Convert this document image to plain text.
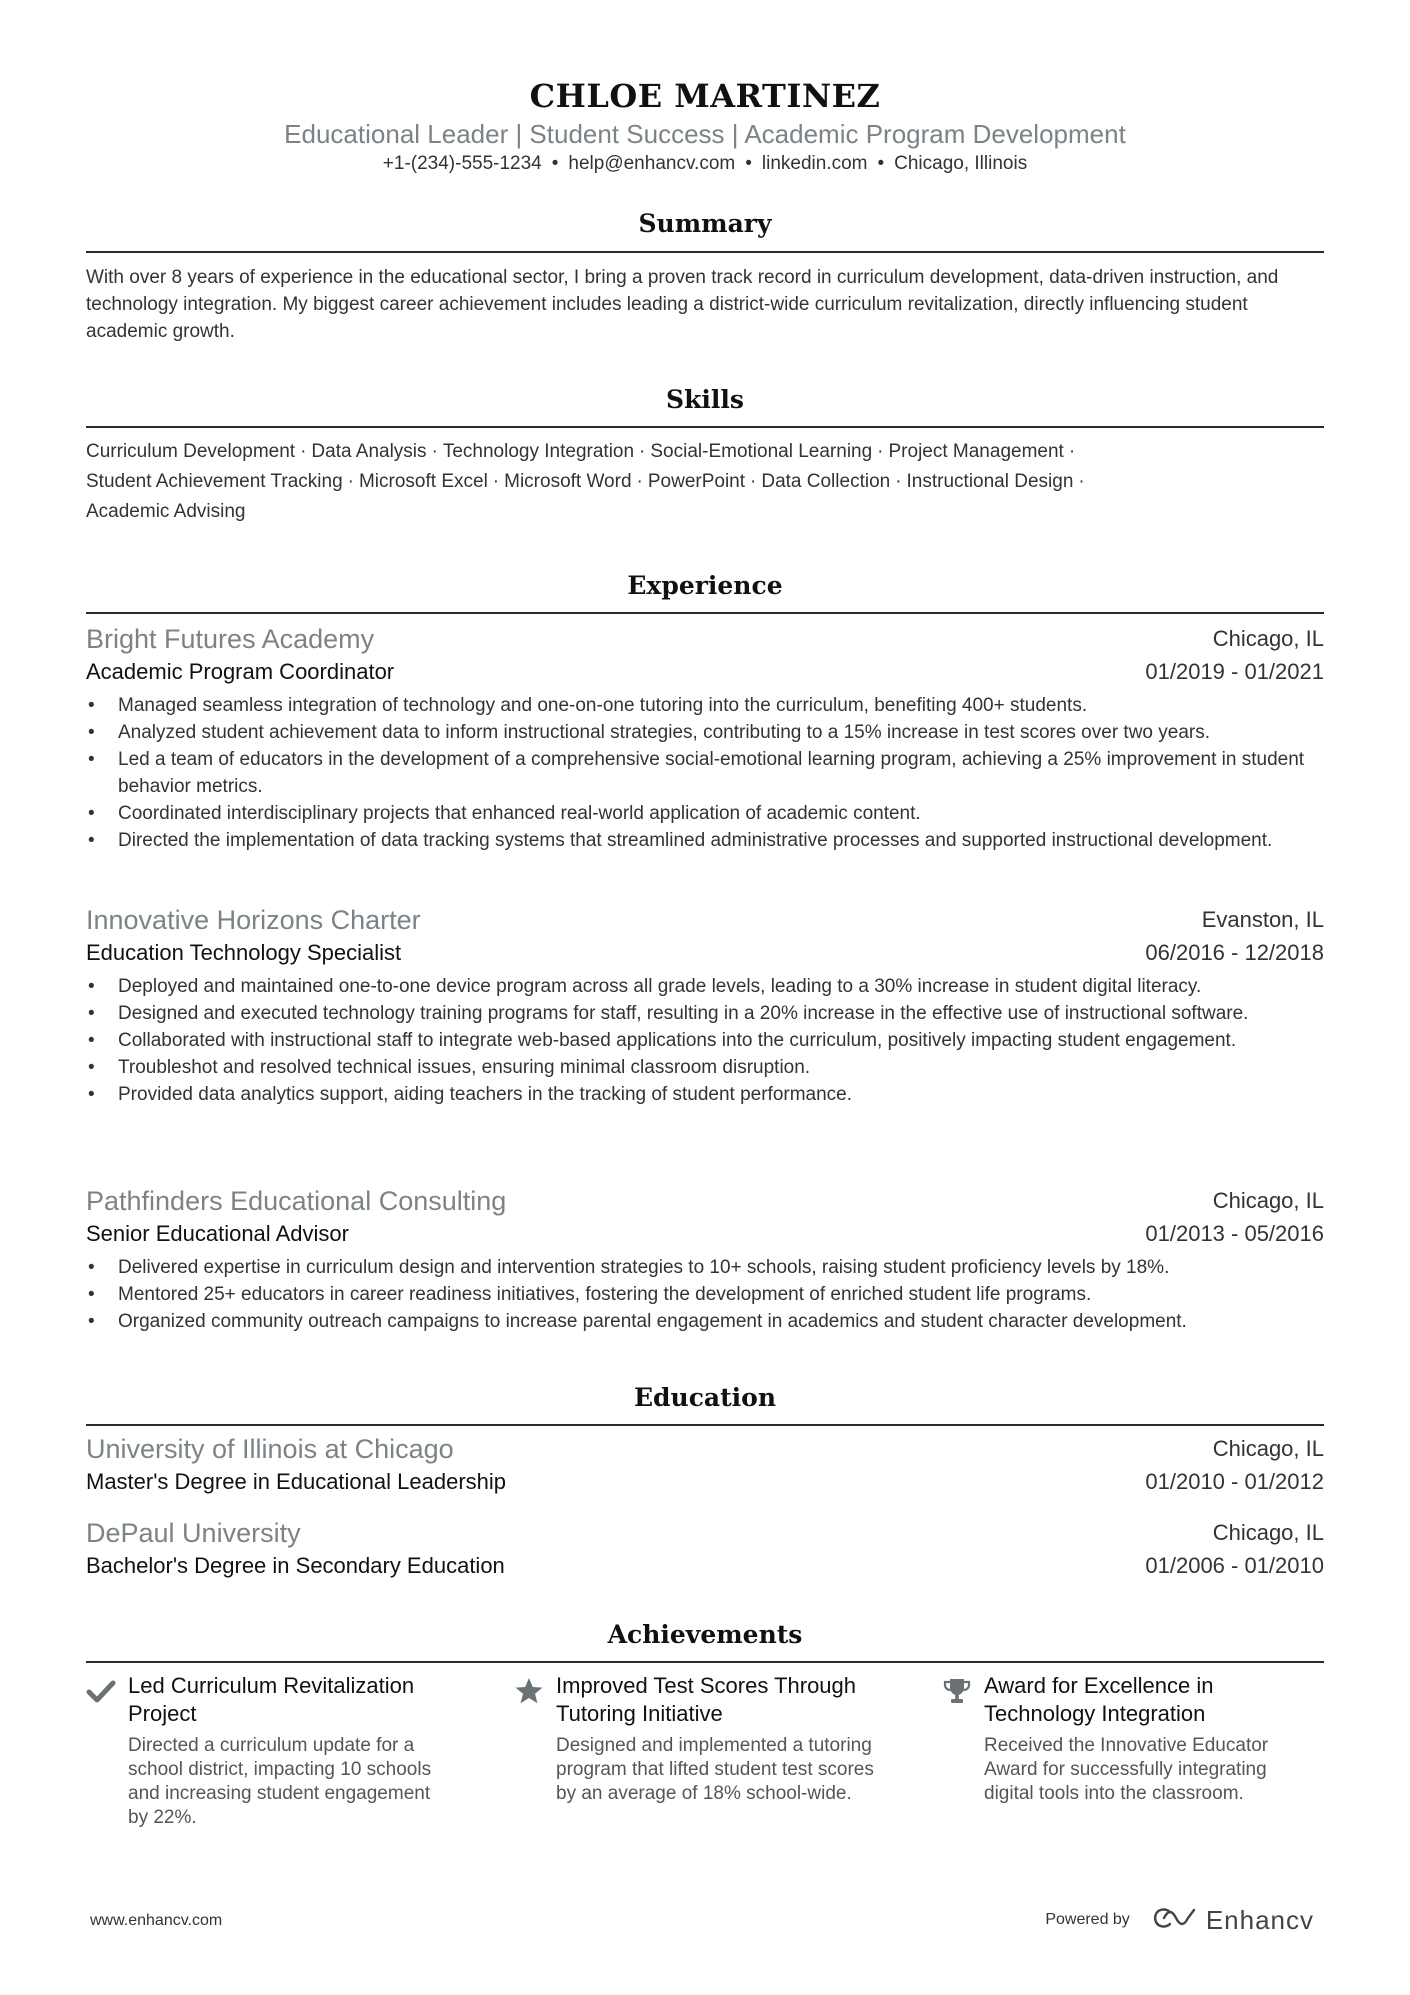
CHLOE MARTINEZ
Educational Leader | Student Success | Academic Program Development
+1-(234)-555-1234 • help@enhancv.com • linkedin.com • Chicago, Illinois
Summary
With over 8 years of experience in the educational sector, I bring a proven track record in curriculum development, data-driven instruction, and technology integration. My biggest career achievement includes leading a district-wide curriculum revitalization, directly influencing student academic growth.
Skills
Curriculum Development · Data Analysis · Technology Integration · Social-Emotional Learning · Project Management ·
Student Achievement Tracking · Microsoft Excel · Microsoft Word · PowerPoint · Data Collection · Instructional Design ·
Academic Advising
Experience
Bright Futures Academy	Chicago, IL
Academic Program Coordinator	01/2019 - 01/2021
• Managed seamless integration of technology and one-on-one tutoring into the curriculum, benefiting 400+ students.
• Analyzed student achievement data to inform instructional strategies, contributing to a 15% increase in test scores over two years.
• Led a team of educators in the development of a comprehensive social-emotional learning program, achieving a 25% improvement in student behavior metrics.
• Coordinated interdisciplinary projects that enhanced real-world application of academic content.
• Directed the implementation of data tracking systems that streamlined administrative processes and supported instructional development.
Innovative Horizons Charter	Evanston, IL
Education Technology Specialist	06/2016 - 12/2018
• Deployed and maintained one-to-one device program across all grade levels, leading to a 30% increase in student digital literacy.
• Designed and executed technology training programs for staff, resulting in a 20% increase in the effective use of instructional software.
• Collaborated with instructional staff to integrate web-based applications into the curriculum, positively impacting student engagement.
• Troubleshot and resolved technical issues, ensuring minimal classroom disruption.
• Provided data analytics support, aiding teachers in the tracking of student performance.
Pathfinders Educational Consulting	Chicago, IL
Senior Educational Advisor	01/2013 - 05/2016
• Delivered expertise in curriculum design and intervention strategies to 10+ schools, raising student proficiency levels by 18%.
• Mentored 25+ educators in career readiness initiatives, fostering the development of enriched student life programs.
• Organized community outreach campaigns to increase parental engagement in academics and student character development.
Education
University of Illinois at Chicago	Chicago, IL
Master's Degree in Educational Leadership	01/2010 - 01/2012
DePaul University	Chicago, IL
Bachelor's Degree in Secondary Education	01/2006 - 01/2010
Achievements
Led Curriculum Revitalization Project
Directed a curriculum update for a school district, impacting 10 schools and increasing student engagement by 22%.
Improved Test Scores Through Tutoring Initiative
Designed and implemented a tutoring program that lifted student test scores by an average of 18% school-wide.
Award for Excellence in Technology Integration
Received the Innovative Educator Award for successfully integrating digital tools into the classroom.
www.enhancv.com	Powered by	Enhancv
